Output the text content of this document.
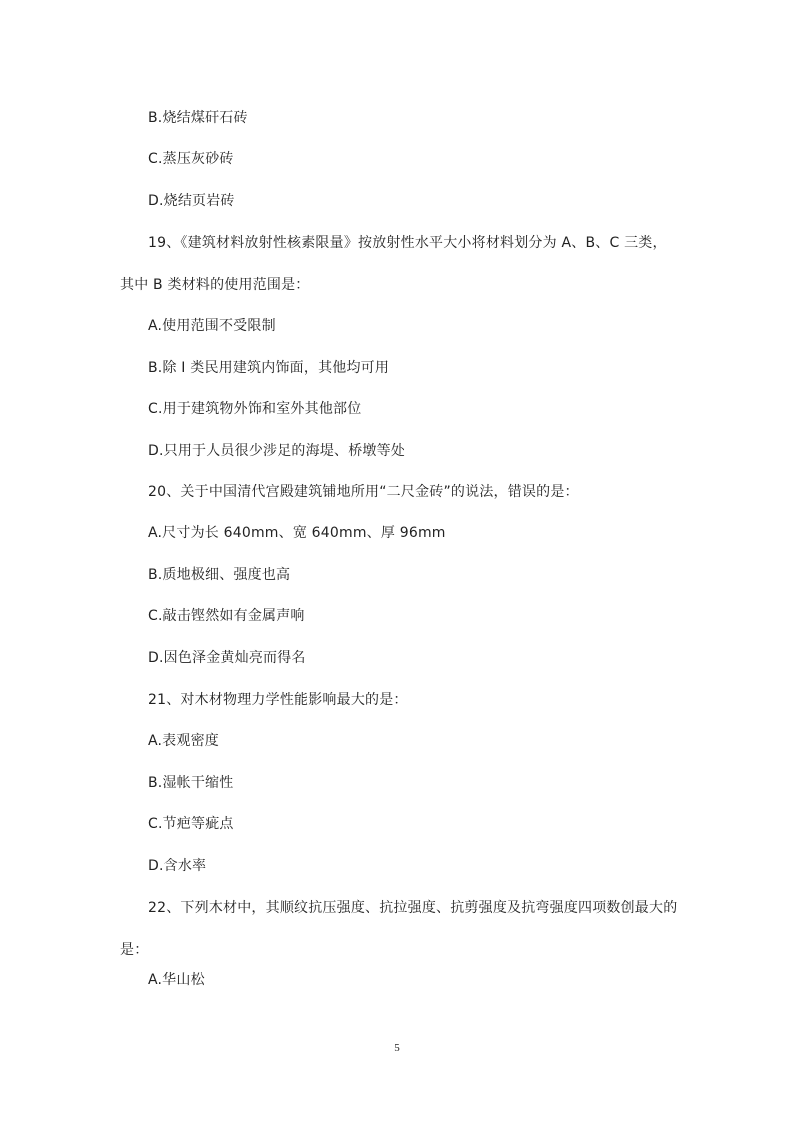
B.烧结煤矸石砖
C.蒸压灰砂砖
D.烧结页岩砖
19、《建筑材料放射性核素限量》按放射性水平大小将材料划分为 A、B、C 三类，
其中 B 类材料的使用范围是：
A.使用范围不受限制
B.除 I 类民用建筑内饰面，其他均可用
C.用于建筑物外饰和室外其他部位
D.只用于人员很少涉足的海堤、桥墩等处
20、关于中国清代宫殿建筑铺地所用“二尺金砖”的说法，错误的是：
A.尺寸为长 640mm、宽 640mm、厚 96mm
B.质地极细、强度也高
C.敲击铿然如有金属声响
D.因色泽金黄灿亮而得名
21、对木材物理力学性能影响最大的是：
A.表观密度
B.湿帐干缩性
C.节疤等疵点
D.含水率
22、下列木材中，其顺纹抗压强度、抗拉强度、抗剪强度及抗弯强度四项数创最大的
是：
A.华山松
5
